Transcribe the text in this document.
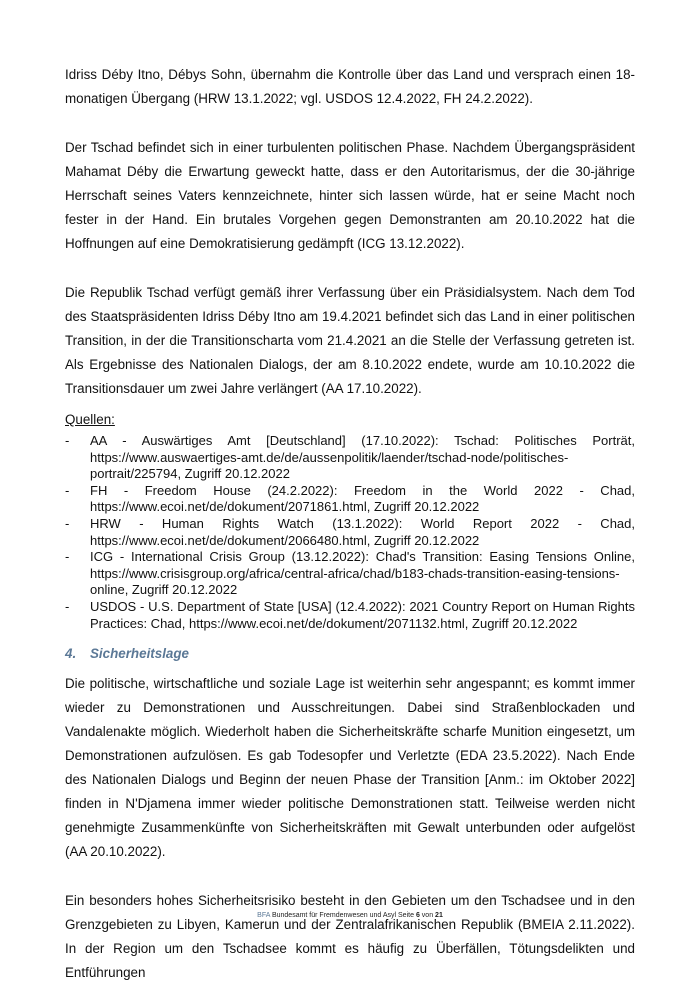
Idriss Déby Itno, Débys Sohn, übernahm die Kontrolle über das Land und versprach einen 18-monatigen Übergang (HRW 13.1.2022; vgl. USDOS 12.4.2022, FH 24.2.2022).

Der Tschad befindet sich in einer turbulenten politischen Phase. Nachdem Übergangspräsident Mahamat Déby die Erwartung geweckt hatte, dass er den Autoritarismus, der die 30-jährige Herrschaft seines Vaters kennzeichnete, hinter sich lassen würde, hat er seine Macht noch fester in der Hand. Ein brutales Vorgehen gegen Demonstranten am 20.10.2022 hat die Hoffnungen auf eine Demokratisierung gedämpft (ICG 13.12.2022).

Die Republik Tschad verfügt gemäß ihrer Verfassung über ein Präsidialsystem. Nach dem Tod des Staatspräsidenten Idriss Déby Itno am 19.4.2021 befindet sich das Land in einer politischen Transition, in der die Transitionscharta vom 21.4.2021 an die Stelle der Verfassung getreten ist. Als Ergebnisse des Nationalen Dialogs, der am 8.10.2022 endete, wurde am 10.10.2022 die Transitionsdauer um zwei Jahre verlängert (AA 17.10.2022).

Quellen:
- AA - Auswärtiges Amt [Deutschland] (17.10.2022): Tschad: Politisches Porträt, https://www.auswaertiges-amt.de/de/aussenpolitik/laender/tschad-node/politisches-portrait/225794, Zugriff 20.12.2022
- FH - Freedom House (24.2.2022): Freedom in the World 2022 - Chad, https://www.ecoi.net/de/dokument/2071861.html, Zugriff 20.12.2022
- HRW - Human Rights Watch (13.1.2022): World Report 2022 - Chad, https://www.ecoi.net/de/dokument/2066480.html, Zugriff 20.12.2022
- ICG - International Crisis Group (13.12.2022): Chad's Transition: Easing Tensions Online, https://www.crisisgroup.org/africa/central-africa/chad/b183-chads-transition-easing-tensions-online, Zugriff 20.12.2022
- USDOS - U.S. Department of State [USA] (12.4.2022): 2021 Country Report on Human Rights Practices: Chad, https://www.ecoi.net/de/dokument/2071132.html, Zugriff 20.12.2022
4. Sicherheitslage

Die politische, wirtschaftliche und soziale Lage ist weiterhin sehr angespannt; es kommt immer wieder zu Demonstrationen und Ausschreitungen. Dabei sind Straßenblockaden und Vandalenakte möglich. Wiederholt haben die Sicherheitskräfte scharfe Munition eingesetzt, um Demonstrationen aufzulösen. Es gab Todesopfer und Verletzte (EDA 23.5.2022). Nach Ende des Nationalen Dialogs und Beginn der neuen Phase der Transition [Anm.: im Oktober 2022] finden in N'Djamena immer wieder politische Demonstrationen statt. Teilweise werden nicht genehmigte Zusammenkünfte von Sicherheitskräften mit Gewalt unterbunden oder aufgelöst (AA 20.10.2022).

Ein besonders hohes Sicherheitsrisiko besteht in den Gebieten um den Tschadsee und in den Grenzgebieten zu Libyen, Kamerun und der Zentralafrikanischen Republik (BMEIA 2.11.2022). In der Region um den Tschadsee kommt es häufig zu Überfällen, Tötungsdelikten und Entführungen

BFA Bundesamt für Fremdenwesen und Asyl Seite 6 von 21
